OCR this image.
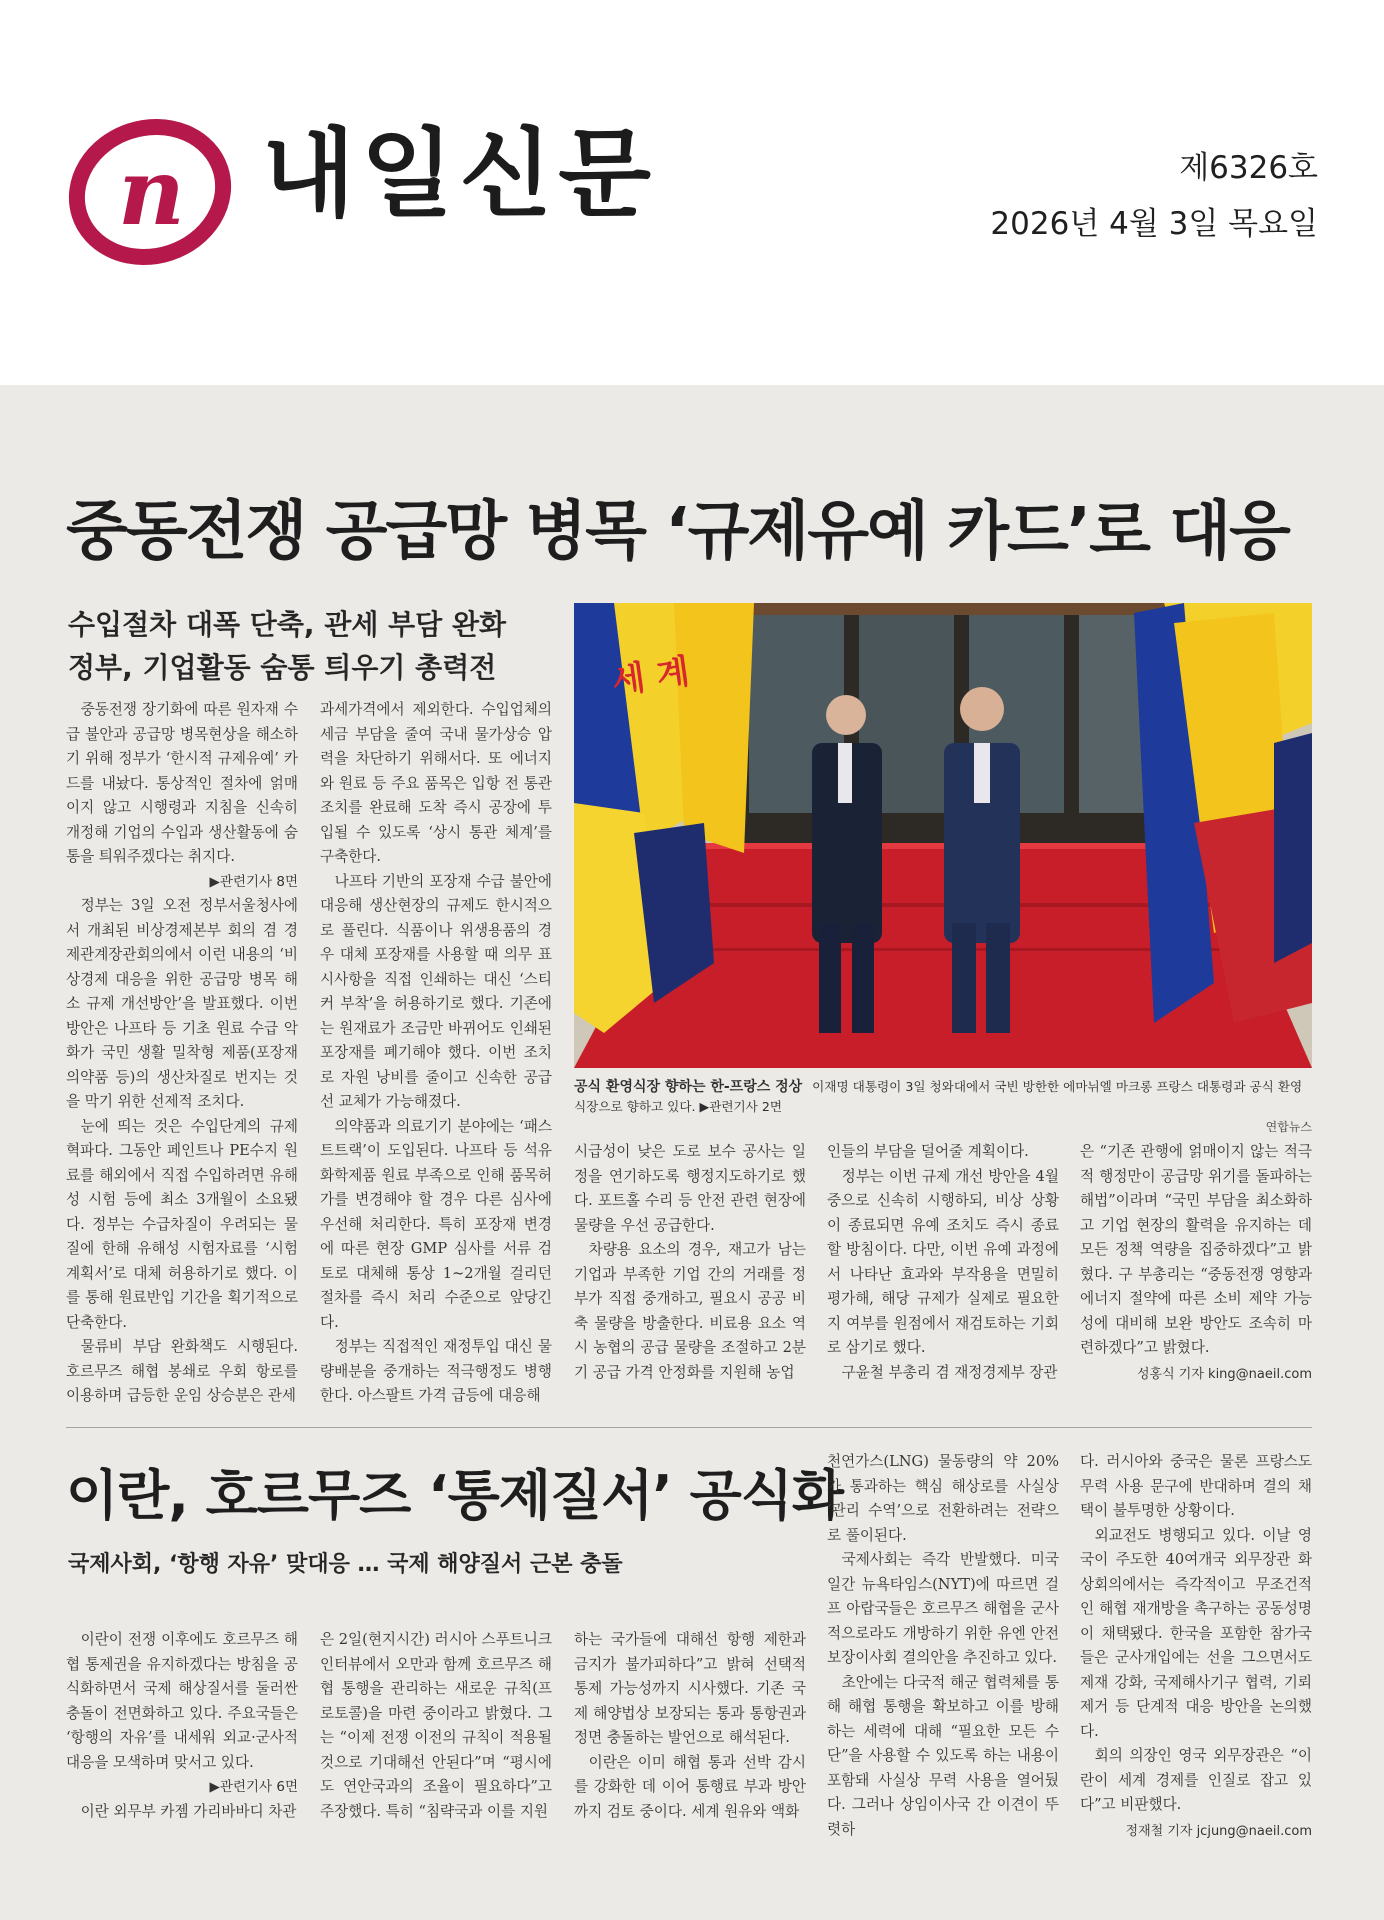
n 내일신문	제6326호
2026년 4월 3일 목요일
중동전쟁 공급망 병목 ‘규제유예 카드’로 대응
수입절차 대폭 단축, 관세 부담 완화
정부, 기업활동 숨통 틔우기 총력전

중동전쟁 장기화에 따른 원자재 수급 불안과 공급망 병목현상을 해소하기 위해 정부가 ‘한시적 규제유예’ 카드를 내놨다. 통상적인 절차에 얽매이지 않고 시행령과 지침을 신속히 개정해 기업의 수입과 생산활동에 숨통을 틔워주겠다는 취지다.

▶관련기사 8면

정부는 3일 오전 정부서울청사에서 개최된 비상경제본부 회의 겸 경제관계장관회의에서 이런 내용의 ‘비상경제 대응을 위한 공급망 병목 해소 규제 개선방안’을 발표했다. 이번 방안은 나프타 등 기초 원료 수급 악화가 국민 생활 밀착형 제품(포장재 의약품 등)의 생산차질로 번지는 것을 막기 위한 선제적 조치다.

눈에 띄는 것은 수입단계의 규제 혁파다. 그동안 페인트나 PE수지 원료를 해외에서 직접 수입하려면 유해성 시험 등에 최소 3개월이 소요됐다. 정부는 수급차질이 우려되는 물질에 한해 유해성 시험자료를 ‘시험계획서’로 대체 허용하기로 했다. 이를 통해 원료반입 기간을 획기적으로 단축한다.

물류비 부담 완화책도 시행된다. 호르무즈 해협 봉쇄로 우회 항로를 이용하며 급등한 운임 상승분은 관세

과세가격에서 제외한다. 수입업체의 세금 부담을 줄여 국내 물가상승 압력을 차단하기 위해서다. 또 에너지와 원료 등 주요 품목은 입항 전 통관 조치를 완료해 도착 즉시 공장에 투입될 수 있도록 ‘상시 통관 체계’를 구축한다.

나프타 기반의 포장재 수급 불안에 대응해 생산현장의 규제도 한시적으로 풀린다. 식품이나 위생용품의 경우 대체 포장재를 사용할 때 의무 표시사항을 직접 인쇄하는 대신 ‘스티커 부착’을 허용하기로 했다. 기존에는 원재료가 조금만 바뀌어도 인쇄된 포장재를 폐기해야 했다. 이번 조치로 자원 낭비를 줄이고 신속한 공급선 교체가 가능해졌다.

의약품과 의료기기 분야에는 ‘패스트트랙’이 도입된다. 나프타 등 석유화학제품 원료 부족으로 인해 품목허가를 변경해야 할 경우 다른 심사에 우선해 처리한다. 특히 포장재 변경에 따른 현장 GMP 심사를 서류 검토로 대체해 통상 1~2개월 걸리던 절차를 즉시 처리 수준으로 앞당긴다.

정부는 직접적인 재정투입 대신 물량배분을 중개하는 적극행정도 병행한다. 아스팔트 가격 급등에 대응해

세 계
공식 환영식장 향하는 한-프랑스 정상 이재명 대통령이 3일 청와대에서 국빈 방한한 에마뉘엘 마크롱 프랑스 대통령과 공식 환영식장으로 향하고 있다. ▶관련기사 2면
연합뉴스

시급성이 낮은 도로 보수 공사는 일정을 연기하도록 행정지도하기로 했다. 포트홀 수리 등 안전 관련 현장에 물량을 우선 공급한다.

차량용 요소의 경우, 재고가 남는 기업과 부족한 기업 간의 거래를 정부가 직접 중개하고, 필요시 공공 비축 물량을 방출한다. 비료용 요소 역시 농협의 공급 물량을 조절하고 2분기 공급 가격 안정화를 지원해 농업

인들의 부담을 덜어줄 계획이다.

정부는 이번 규제 개선 방안을 4월 중으로 신속히 시행하되, 비상 상황이 종료되면 유예 조치도 즉시 종료할 방침이다. 다만, 이번 유예 과정에서 나타난 효과와 부작용을 면밀히 평가해, 해당 규제가 실제로 필요한지 여부를 원점에서 재검토하는 기회로 삼기로 했다.

구윤철 부총리 겸 재정경제부 장관

은 “기존 관행에 얽매이지 않는 적극적 행정만이 공급망 위기를 돌파하는 해법”이라며 “국민 부담을 최소화하고 기업 현장의 활력을 유지하는 데 모든 정책 역량을 집중하겠다”고 밝혔다. 구 부총리는 “중동전쟁 영향과 에너지 절약에 따른 소비 제약 가능성에 대비해 보완 방안도 조속히 마련하겠다”고 밝혔다.

성홍식 기자 king@naeil.com

이란, 호르무즈 ‘통제질서’ 공식화
국제사회, ‘항행 자유’ 맞대응 … 국제 해양질서 근본 충돌

이란이 전쟁 이후에도 호르무즈 해협 통제권을 유지하겠다는 방침을 공식화하면서 국제 해상질서를 둘러싼 충돌이 전면화하고 있다. 주요국들은 ‘항행의 자유’를 내세워 외교·군사적 대응을 모색하며 맞서고 있다.

▶관련기사 6면

이란 외무부 카젬 가리바바디 차관

은 2일(현지시간) 러시아 스푸트니크 인터뷰에서 오만과 함께 호르무즈 해협 통행을 관리하는 새로운 규칙(프로토콜)을 마련 중이라고 밝혔다. 그는 “이제 전쟁 이전의 규칙이 적용될 것으로 기대해선 안된다”며 “평시에도 연안국과의 조율이 필요하다”고 주장했다. 특히 “침략국과 이를 지원

하는 국가들에 대해선 항행 제한과 금지가 불가피하다”고 밝혀 선택적 통제 가능성까지 시사했다. 기존 국제 해양법상 보장되는 통과 통항권과 정면 충돌하는 발언으로 해석된다.

이란은 이미 해협 통과 선박 감시를 강화한 데 이어 통행료 부과 방안까지 검토 중이다. 세계 원유와 액화

천연가스(LNG) 물동량의 약 20%가 통과하는 핵심 해상로를 사실상 ‘관리 수역’으로 전환하려는 전략으로 풀이된다.

국제사회는 즉각 반발했다. 미국 일간 뉴욕타임스(NYT)에 따르면 걸프 아랍국들은 호르무즈 해협을 군사적으로라도 개방하기 위한 유엔 안전보장이사회 결의안을 추진하고 있다.

초안에는 다국적 해군 협력체를 통해 해협 통행을 확보하고 이를 방해하는 세력에 대해 “필요한 모든 수단”을 사용할 수 있도록 하는 내용이 포함돼 사실상 무력 사용을 열어뒀다. 그러나 상임이사국 간 이견이 뚜렷하

다. 러시아와 중국은 물론 프랑스도 무력 사용 문구에 반대하며 결의 채택이 불투명한 상황이다.

외교전도 병행되고 있다. 이날 영국이 주도한 40여개국 외무장관 화상회의에서는 즉각적이고 무조건적인 해협 재개방을 촉구하는 공동성명이 채택됐다. 한국을 포함한 참가국들은 군사개입에는 선을 그으면서도 제재 강화, 국제해사기구 협력, 기뢰 제거 등 단계적 대응 방안을 논의했다.

회의 의장인 영국 외무장관은 “이란이 세계 경제를 인질로 잡고 있다”고 비판했다.

정재철 기자 jcjung@naeil.com
